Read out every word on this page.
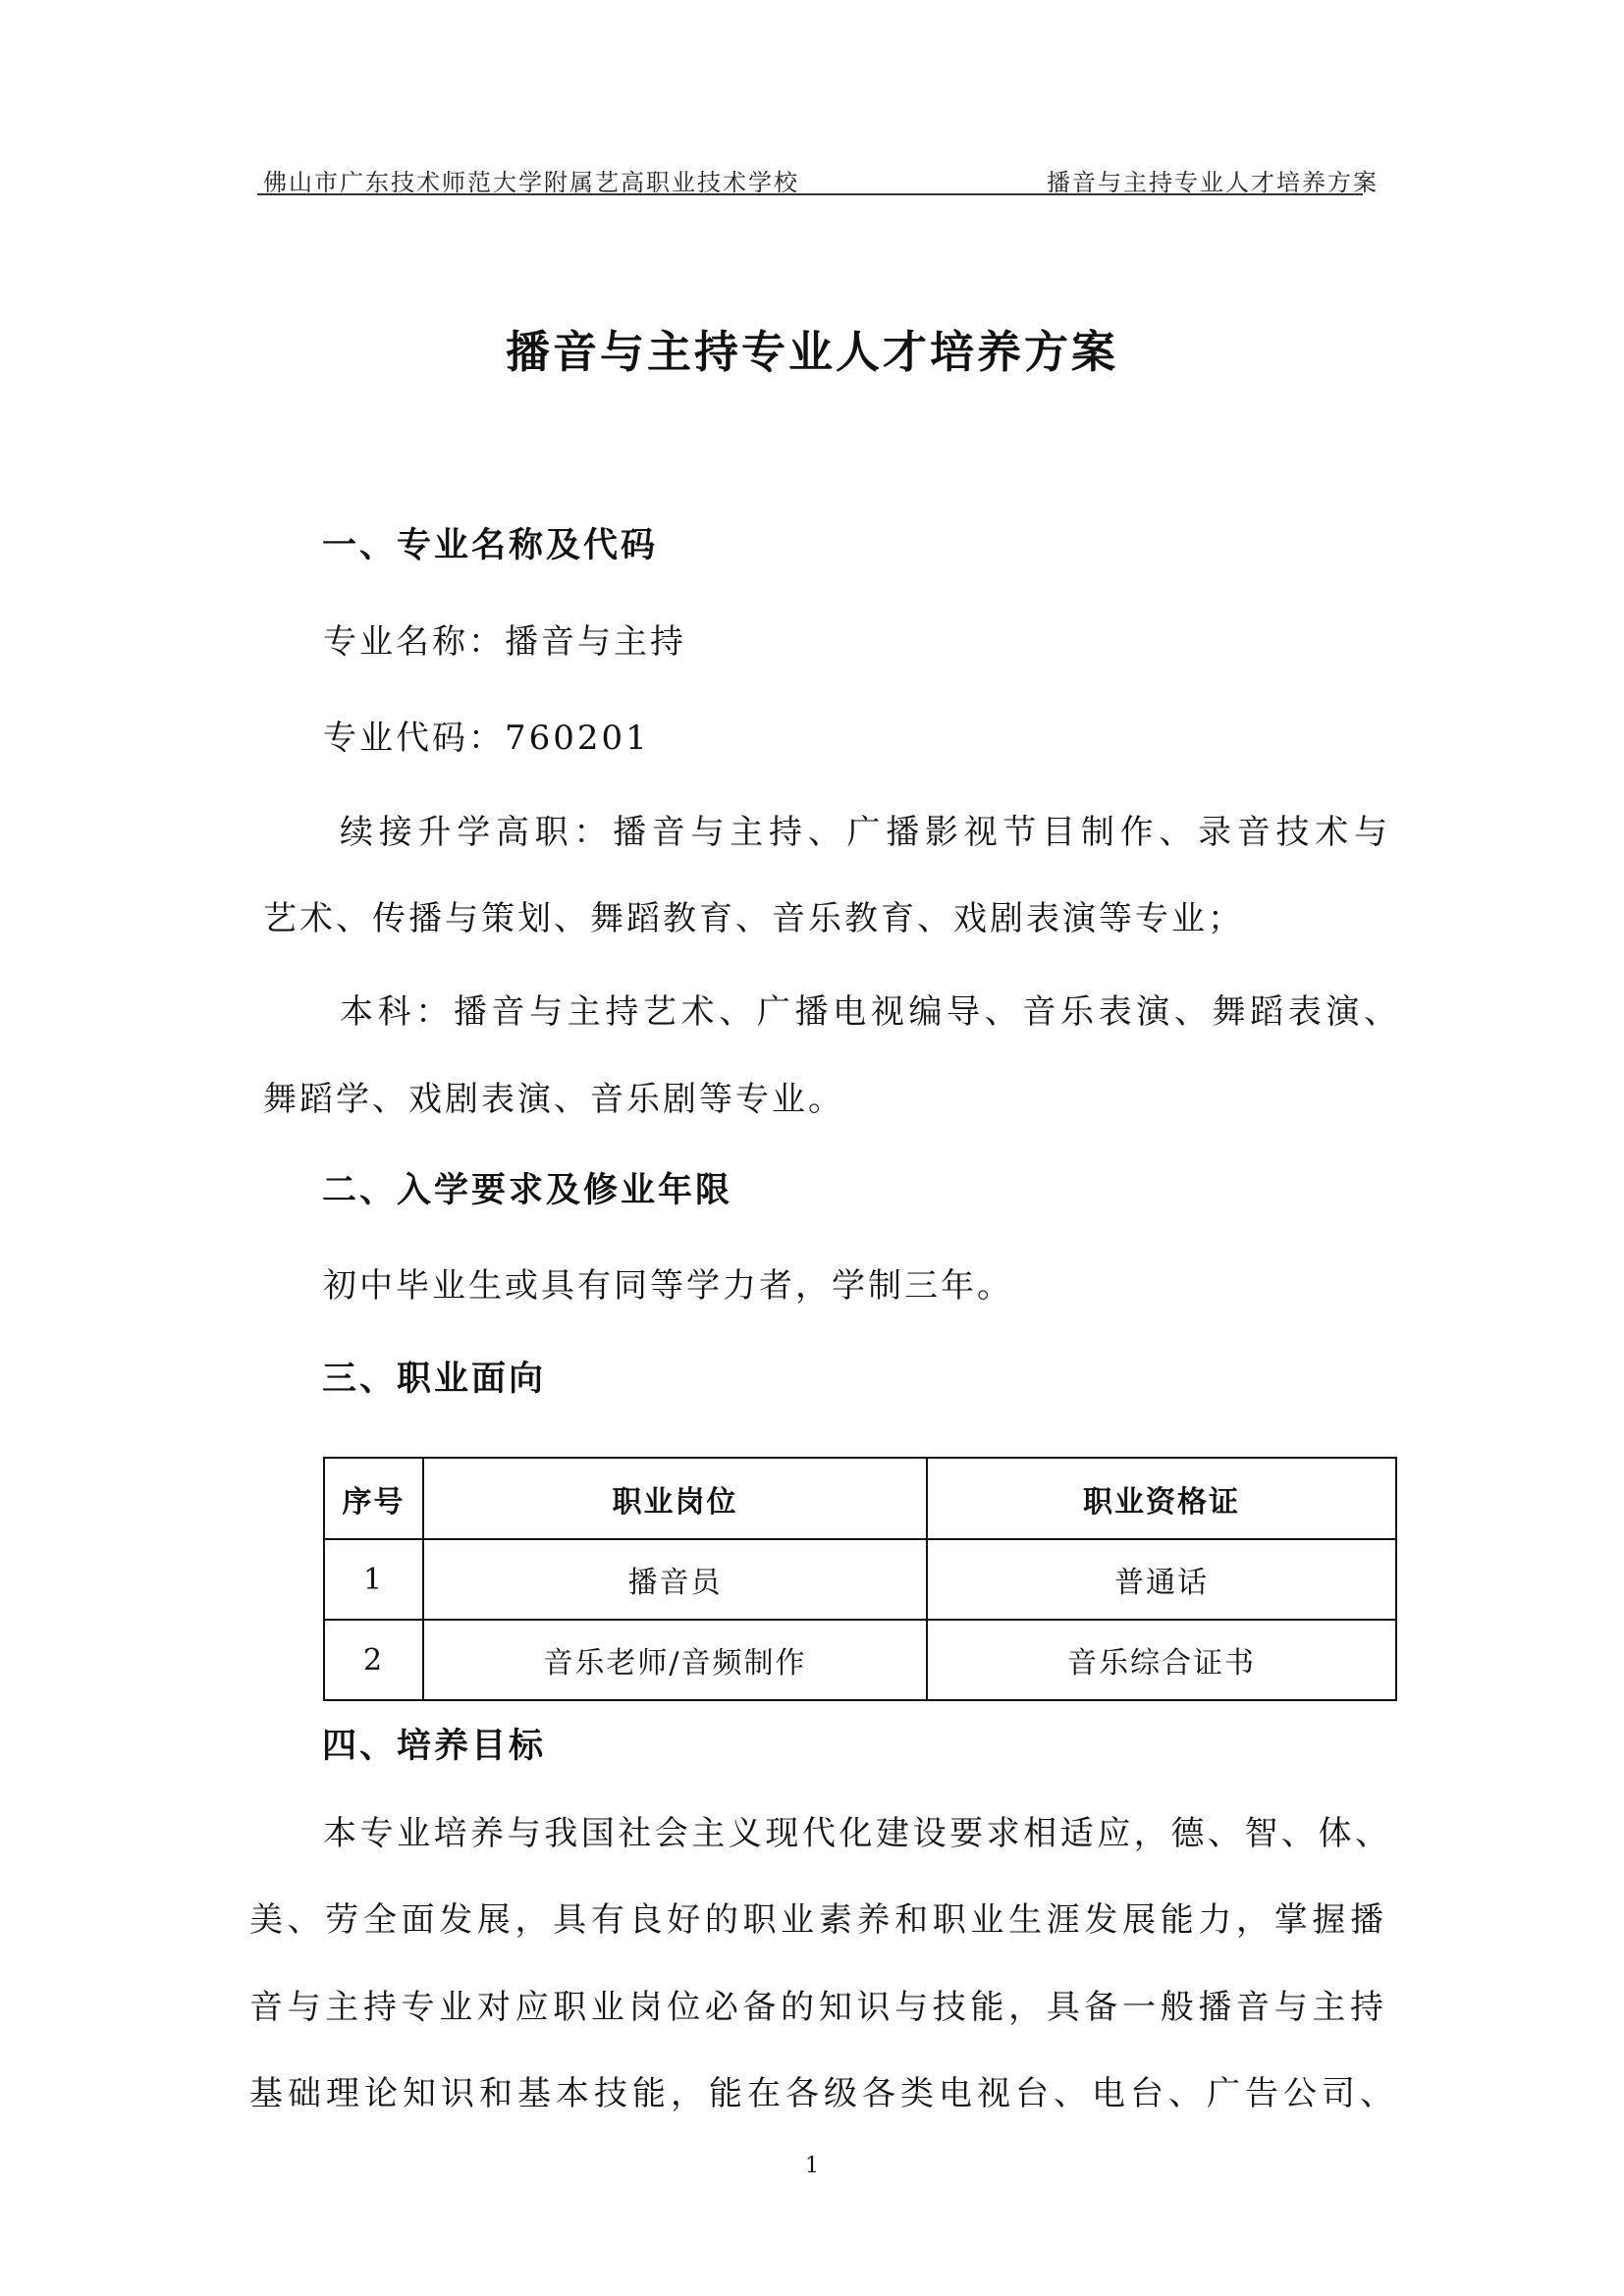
佛山市广东技术师范大学附属艺高职业技术学校	播音与主持专业人才培养方案
播音与主持专业人才培养方案
一、专业名称及代码
专业名称：播音与主持
专业代码：760201
续接升学高职：播音与主持、广播影视节目制作、录音技术与
艺术、传播与策划、舞蹈教育、音乐教育、戏剧表演等专业；
本科：播音与主持艺术、广播电视编导、音乐表演、舞蹈表演、
舞蹈学、戏剧表演、音乐剧等专业。
二、入学要求及修业年限
初中毕业生或具有同等学力者，学制三年。
三、职业面向
序号	职业岗位	职业资格证
1	播音员	普通话
2	音乐老师/音频制作	音乐综合证书
四、培养目标
本专业培养与我国社会主义现代化建设要求相适应，德、智、体、
美、劳全面发展，具有良好的职业素养和职业生涯发展能力，掌握播
音与主持专业对应职业岗位必备的知识与技能，具备一般播音与主持
基础理论知识和基本技能，能在各级各类电视台、电台、广告公司、
1
